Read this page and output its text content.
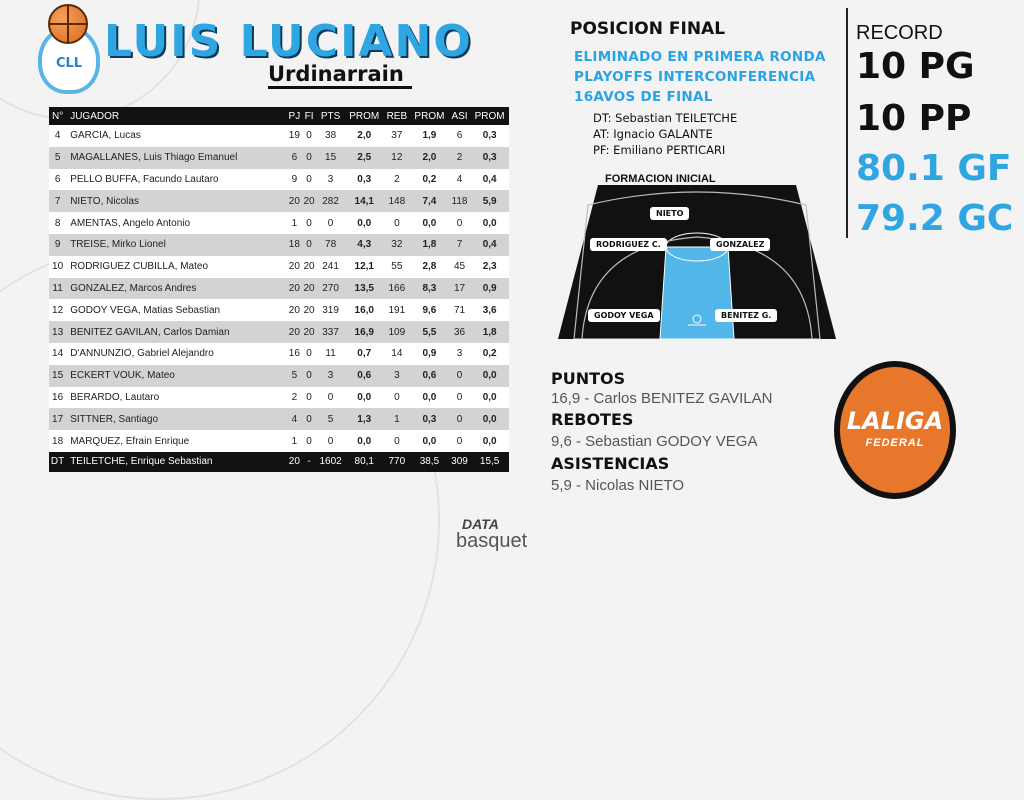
CLL LUIS LUCIANO
Urdinarrain
N°	JUGADOR	PJ	FI	PTS	PROM	REB	PROM	ASI	PROM
4	GARCIA, Lucas	19	0	38	2,0	37	1,9	6	0,3
5	MAGALLANES, Luis Thiago Emanuel	6	0	15	2,5	12	2,0	2	0,3
6	PELLO BUFFA, Facundo Lautaro	9	0	3	0,3	2	0,2	4	0,4
7	NIETO, Nicolas	20	20	282	14,1	148	7,4	118	5,9
8	AMENTAS, Angelo Antonio	1	0	0	0,0	0	0,0	0	0,0
9	TREISE, Mirko Lionel	18	0	78	4,3	32	1,8	7	0,4
10	RODRIGUEZ CUBILLA, Mateo	20	20	241	12,1	55	2,8	45	2,3
11	GONZALEZ, Marcos Andres	20	20	270	13,5	166	8,3	17	0,9
12	GODOY VEGA, Matias Sebastian	20	20	319	16,0	191	9,6	71	3,6
13	BENITEZ GAVILAN, Carlos Damian	20	20	337	16,9	109	5,5	36	1,8
14	D'ANNUNZIO, Gabriel Alejandro	16	0	11	0,7	14	0,9	3	0,2
15	ECKERT VOUK, Mateo	5	0	3	0,6	3	0,6	0	0,0
16	BERARDO, Lautaro	2	0	0	0,0	0	0,0	0	0,0
17	SITTNER, Santiago	4	0	5	1,3	1	0,3	0	0,0
18	MARQUEZ, Efrain Enrique	1	0	0	0,0	0	0,0	0	0,0
DT	TEILETCHE, Enrique Sebastian	20	-	1602	80,1	770	38,5	309	15,5
POSICION FINAL
ELIMINADO EN PRIMERA RONDA
PLAYOFFS INTERCONFERENCIA
16AVOS DE FINAL
DT: Sebastian TEILETCHE
AT: Ignacio GALANTE
PF: Emiliano PERTICARI
FORMACION INICIAL
NIETO
RODRIGUEZ C.	GONZALEZ
GODOY VEGA	BENITEZ G.
RECORD
10 PG
10 PP
80.1 GF
79.2 GC
PUNTOS
16,9 - Carlos BENITEZ GAVILAN
REBOTES
9,6 - Sebastian GODOY VEGA
ASISTENCIAS
5,9 - Nicolas NIETO
LALIGA
FEDERAL
DATA
basquet
